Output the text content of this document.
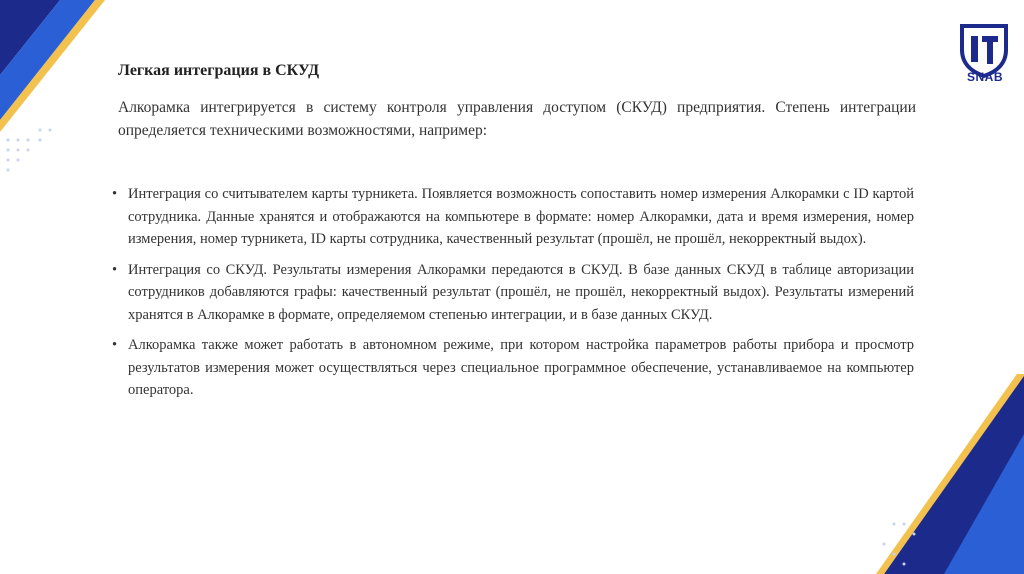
SNAB
Легкая интеграция в СКУД

Алкорамка интегрируется в систему контроля управления доступом (СКУД) предприятия. Степень интеграции определяется техническими возможностями, например:

• Интеграция со считывателем карты турникета. Появляется возможность сопоставить номер измерения Алкорамки с ID картой сотрудника. Данные хранятся и отображаются на компьютере в формате: номер Алкорамки, дата и время измерения, номер измерения, номер турникета, ID карты сотрудника, качественный результат (прошёл, не прошёл, некорректный выдох).
• Интеграция со СКУД. Результаты измерения Алкорамки передаются в СКУД. В базе данных СКУД в таблице авторизации сотрудников добавляются графы: качественный результат (прошёл, не прошёл, некорректный выдох). Результаты измерений хранятся в Алкорамке в формате, определяемом степенью интеграции, и в базе данных СКУД.
• Алкорамка также может работать в автономном режиме, при котором настройка параметров работы прибора и просмотр результатов измерения может осуществляться через специальное программное обеспечение, устанавливаемое на компьютер оператора.
